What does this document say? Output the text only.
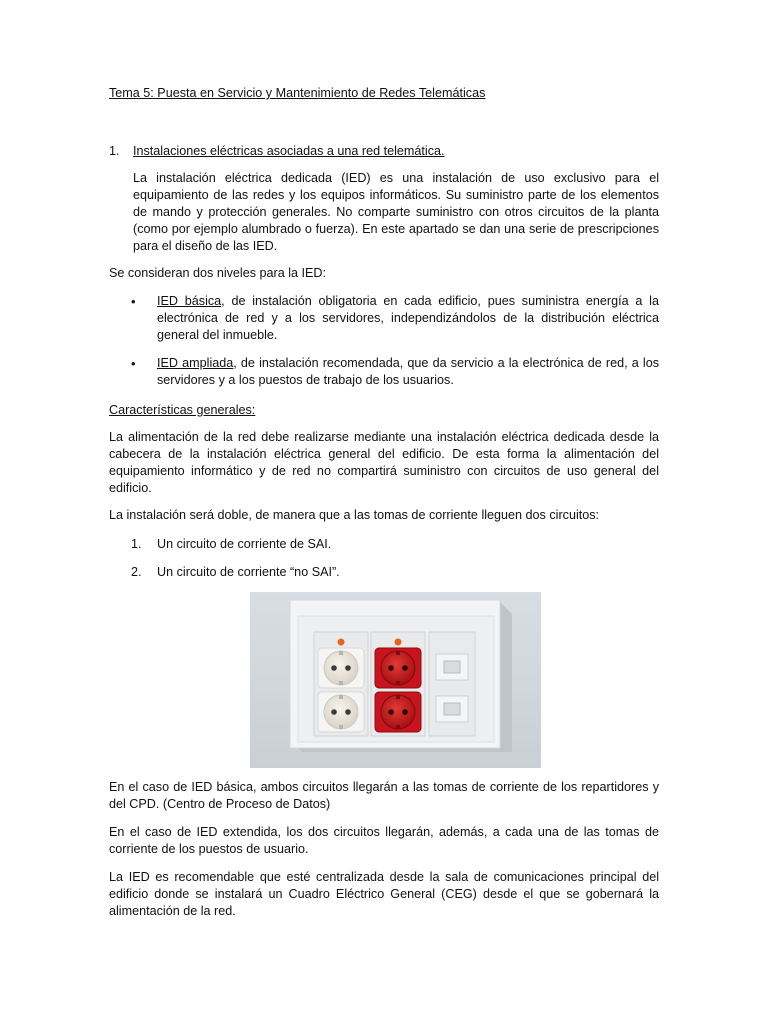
Tema 5: Puesta en Servicio y Mantenimiento de Redes Telemáticas

1. Instalaciones eléctricas asociadas a una red telemática.

La instalación eléctrica dedicada (IED) es una instalación de uso exclusivo para el equipamiento de las redes y los equipos informáticos. Su suministro parte de los elementos de mando y protección generales. No comparte suministro con otros circuitos de la planta (como por ejemplo alumbrado o fuerza). En este apartado se dan una serie de prescripciones para el diseño de las IED.

Se consideran dos niveles para la IED:

• IED básica, de instalación obligatoria en cada edificio, pues suministra energía a la electrónica de red y a los servidores, independizándolos de la distribución eléctrica general del inmueble.

• IED ampliada, de instalación recomendada, que da servicio a la electrónica de red, a los servidores y a los puestos de trabajo de los usuarios.

Características generales:

La alimentación de la red debe realizarse mediante una instalación eléctrica dedicada desde la cabecera de la instalación eléctrica general del edificio. De esta forma la alimentación del equipamiento informático y de red no compartirá suministro con circuitos de uso general del edificio.

La instalación será doble, de manera que a las tomas de corriente lleguen dos circuitos:

1. Un circuito de corriente de SAI.
2. Un circuito de corriente “no SAI”.

En el caso de IED básica, ambos circuitos llegarán a las tomas de corriente de los repartidores y del CPD. (Centro de Proceso de Datos)

En el caso de IED extendida, los dos circuitos llegarán, además, a cada una de las tomas de corriente de los puestos de usuario.

La IED es recomendable que esté centralizada desde la sala de comunicaciones principal del edificio donde se instalará un Cuadro Eléctrico General (CEG) desde el que se gobernará la alimentación de la red.
